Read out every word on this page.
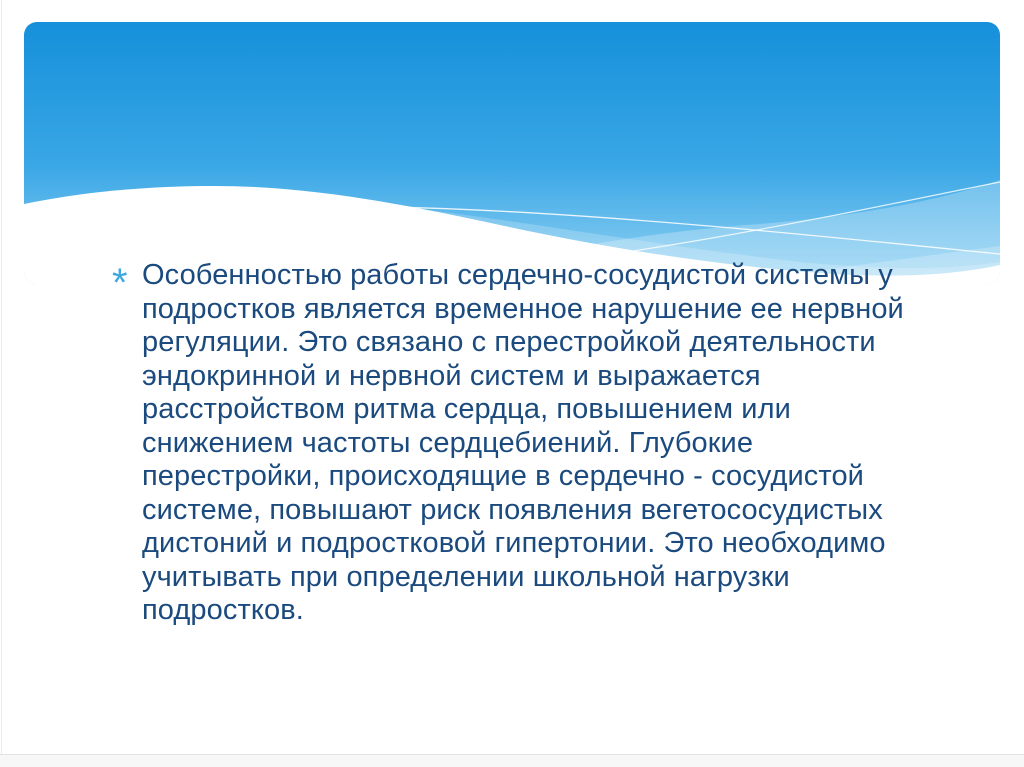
* Особенностью работы сердечно-сосудистой системы у
подростков является временное нарушение ее нервной
регуляции. Это связано с перестройкой деятельности
эндокринной и нервной систем и выражается
расстройством ритма сердца, повышением или
снижением частоты сердцебиений. Глубокие
перестройки, происходящие в сердечно - сосудистой
системе, повышают риск появления вегетососудистых
дистоний и подростковой гипертонии. Это необходимо
учитывать при определении школьной нагрузки
подростков.
